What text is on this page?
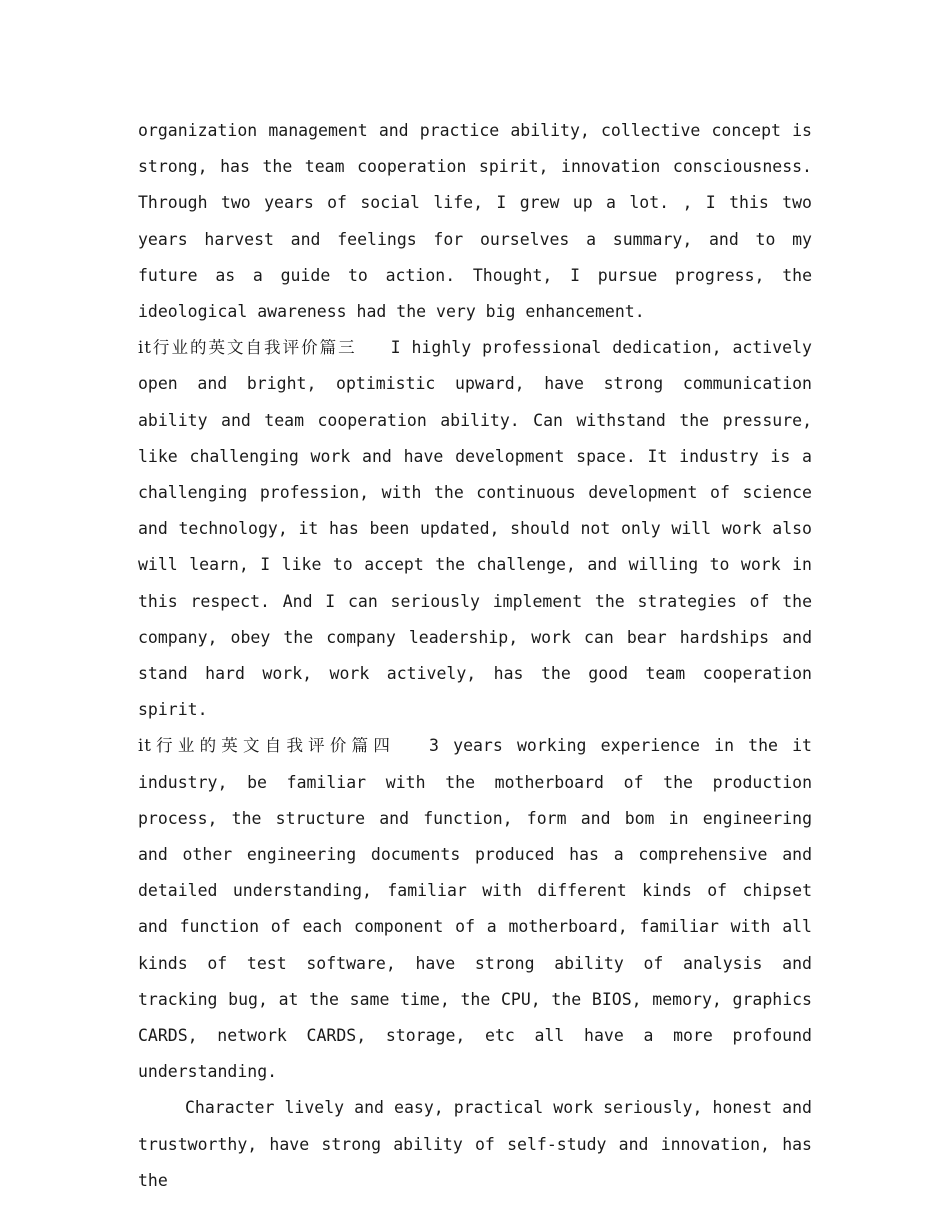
organization management and practice ability, collective concept is strong, has the team cooperation spirit, innovation consciousness. Through two years of social life, I grew up a lot. , I this two years harvest and feelings for ourselves a summary, and to my future as a guide to action. Thought, I pursue progress, the ideological awareness had the very big enhancement.

it行业的英文自我评价篇三 I highly professional dedication, actively open and bright, optimistic upward, have strong communication ability and team cooperation ability. Can withstand the pressure, like challenging work and have development space. It industry is a challenging profession, with the continuous development of science and technology, it has been updated, should not only will work also will learn, I like to accept the challenge, and willing to work in this respect. And I can seriously implement the strategies of the company, obey the company leadership, work can bear hardships and stand hard work, work actively, has the good team cooperation spirit.

it行业的英文自我评价篇四 3 years working experience in the it industry, be familiar with the motherboard of the production process, the structure and function, form and bom in engineering and other engineering documents produced has a comprehensive and detailed understanding, familiar with different kinds of chipset and function of each component of a motherboard, familiar with all kinds of test software, have strong ability of analysis and tracking bug, at the same time, the CPU, the BIOS, memory, graphics CARDS, network CARDS, storage, etc all have a more profound understanding.

Character lively and easy, practical work seriously, honest and trustworthy, have strong ability of self-study and innovation, has the
